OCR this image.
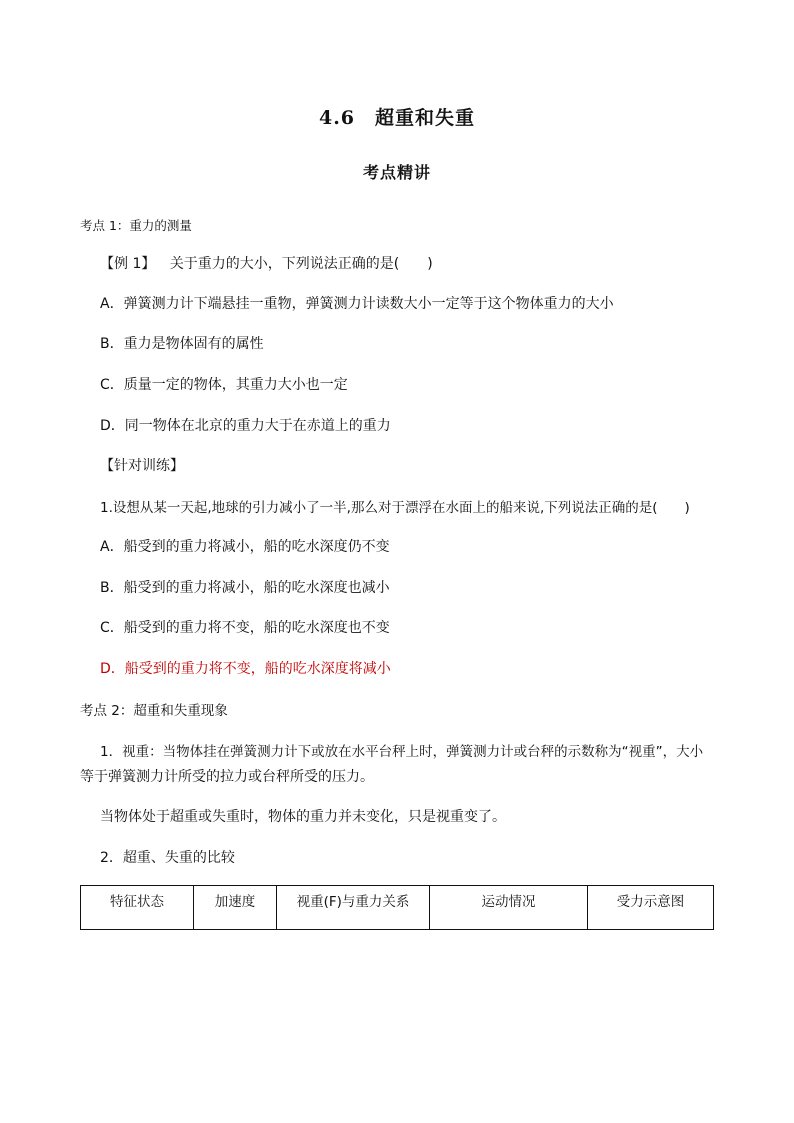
4.6　超重和失重
考点精讲
考点 1：重力的测量
【例 1】 关于重力的大小，下列说法正确的是(　　)
A．弹簧测力计下端悬挂一重物，弹簧测力计读数大小一定等于这个物体重力的大小
B．重力是物体固有的属性
C．质量一定的物体，其重力大小也一定
D．同一物体在北京的重力大于在赤道上的重力
【针对训练】
1.设想从某一天起,地球的引力减小了一半,那么对于漂浮在水面上的船来说,下列说法正确的是(　　)
A．船受到的重力将减小，船的吃水深度仍不变
B．船受到的重力将减小，船的吃水深度也减小
C．船受到的重力将不变，船的吃水深度也不变
D．船受到的重力将不变，船的吃水深度将减小
考点 2：超重和失重现象
1．视重：当物体挂在弹簧测力计下或放在水平台秤上时，弹簧测力计或台秤的示数称为“视重”，大小
等于弹簧测力计所受的拉力或台秤所受的压力。
当物体处于超重或失重时，物体的重力并未变化，只是视重变了。
2．超重、失重的比较
特征状态	加速度	视重(F)与重力关系	运动情况	受力示意图
